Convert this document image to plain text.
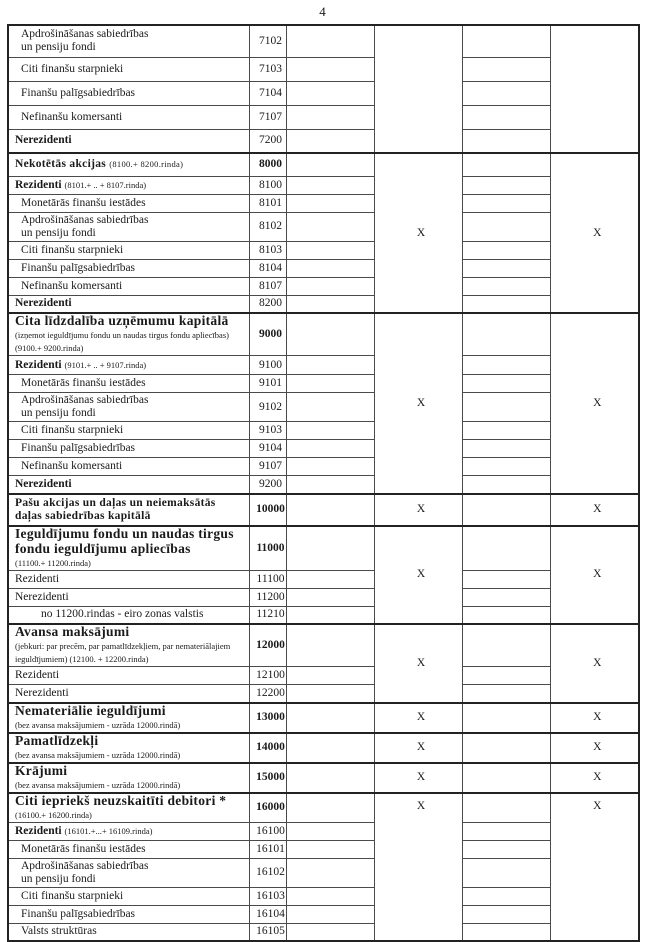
4
Apdrošināšanas sabiedrības
un pensiju fondi	7102				
Citi finanšu starpnieki	7103				
Finanšu palīgsabiedrības	7104				
Nefinanšu komersanti	7107				
Nerezidenti	7200				
Nekotētās akcijas (8100.+ 8200.rinda)	8000		X		X
Rezidenti (8101.+ .. + 8107.rinda)	8100				
Monetārās finanšu iestādes	8101				
Apdrošināšanas sabiedrības
un pensiju fondi	8102				
Citi finanšu starpnieki	8103				
Finanšu palīgsabiedrības	8104				
Nefinanšu komersanti	8107				
Nerezidenti	8200				
Cita līdzdalība uzņēmumu kapitālā
(izņemot ieguldījumu fondu un naudas tirgus fondu apliecības) (9100.+ 9200.rinda)	9000		X		X
Rezidenti (9101.+ .. + 9107.rinda)	9100				
Monetārās finanšu iestādes	9101				
Apdrošināšanas sabiedrības
un pensiju fondi	9102				
Citi finanšu starpnieki	9103				
Finanšu palīgsabiedrības	9104				
Nefinanšu komersanti	9107				
Nerezidenti	9200				
Pašu akcijas un daļas un neiemaksātās
daļas sabiedrības kapitālā	10000		X		X
Ieguldījumu fondu un naudas tirgus
fondu ieguldījumu apliecības
(11100.+ 11200.rinda)	11000		X		X
Rezidenti	11100				
Nerezidenti	11200				
no 11200.rindas - eiro zonas valstis	11210				
Avansa maksājumi
(jebkuri: par precēm, par pamatlīdzekļiem, par nemateriālajiem ieguldījumiem) (12100. + 12200.rinda)	12000		X		X
Rezidenti	12100				
Nerezidenti	12200				
Nemateriālie ieguldījumi
(bez avansa maksājumiem - uzrāda 12000.rindā)	13000		X		X
Pamatlīdzekļi
(bez avansa maksājumiem - uzrāda 12000.rindā)	14000		X		X
Krājumi
(bez avansa maksājumiem - uzrāda 12000.rindā)	15000		X		X
Citi iepriekš neuzskaitīti debitori *
(16100.+ 16200.rinda)	16000		X		X
Rezidenti (16101.+...+ 16109.rinda)	16100				
Monetārās finanšu iestādes	16101				
Apdrošināšanas sabiedrības
un pensiju fondi	16102				
Citi finanšu starpnieki	16103				
Finanšu palīgsabiedrības	16104				
Valsts struktūras	16105				
